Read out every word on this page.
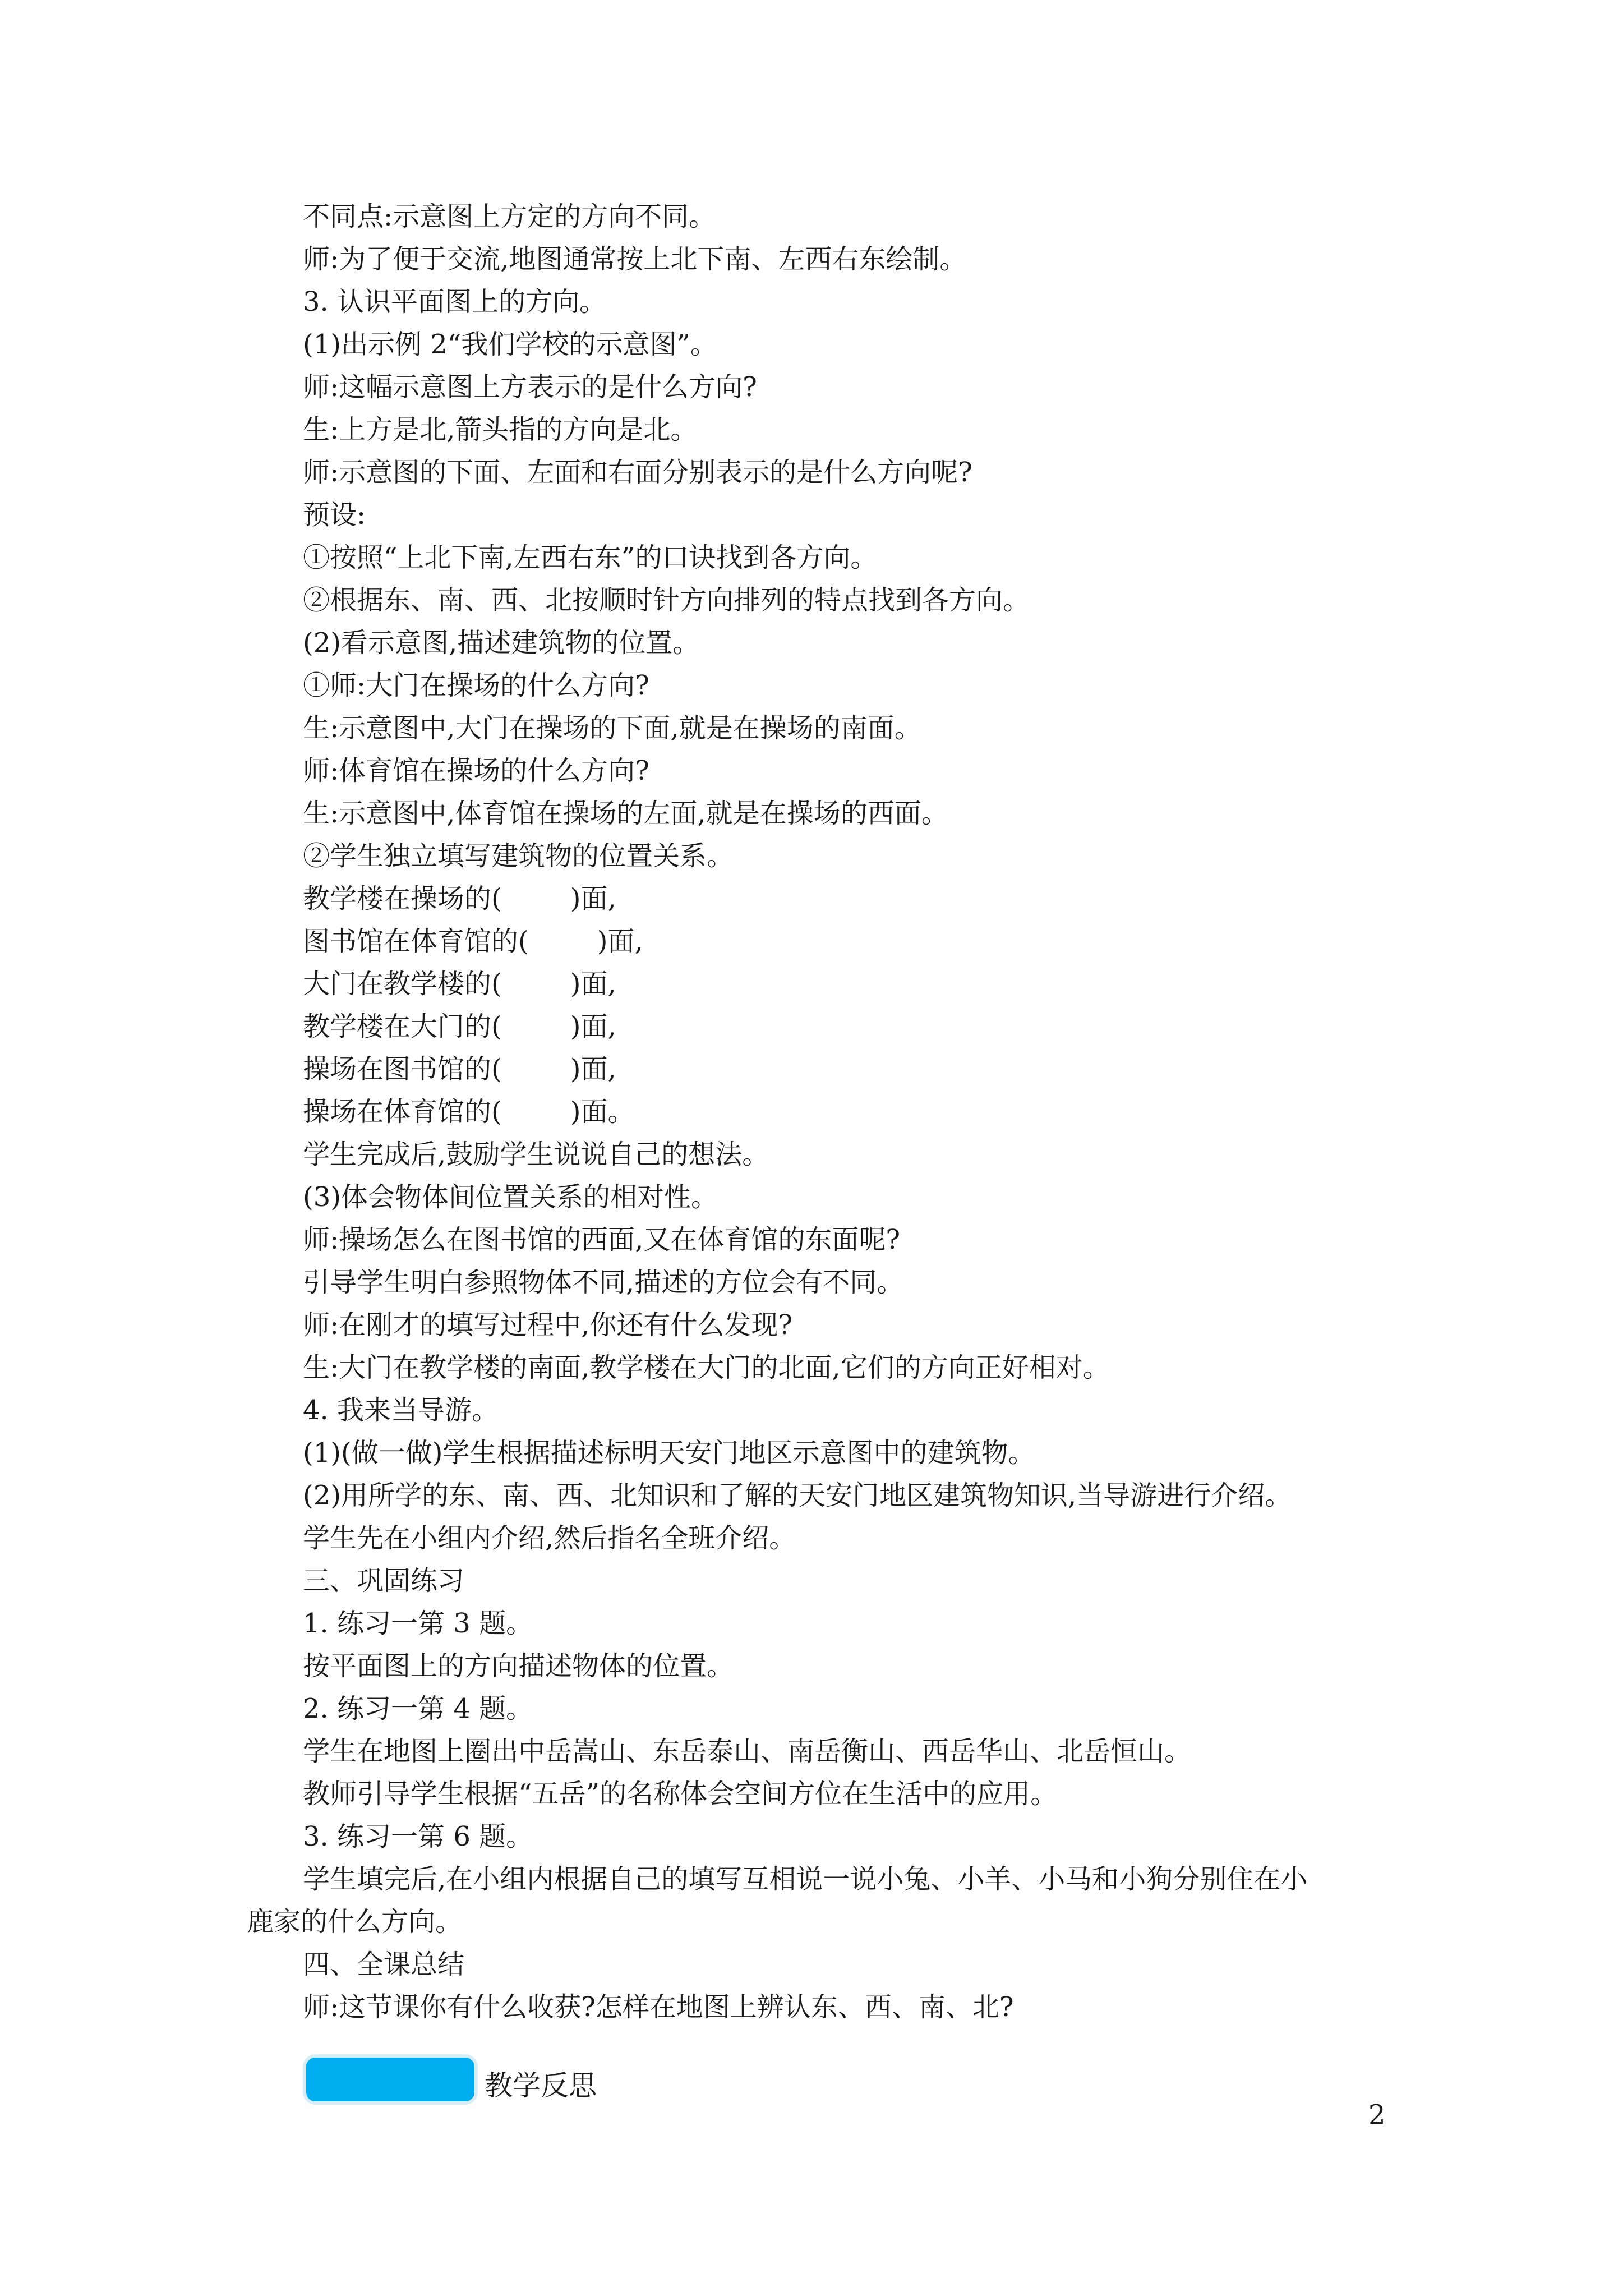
不同点:示意图上方定的方向不同。
师:为了便于交流,地图通常按上北下南、左西右东绘制。
3. 认识平面图上的方向。
(1)出示例 2“我们学校的示意图”。
师:这幅示意图上方表示的是什么方向?
生:上方是北,箭头指的方向是北。
师:示意图的下面、左面和右面分别表示的是什么方向呢?
预设:
①按照“上北下南,左西右东”的口诀找到各方向。
②根据东、南、西、北按顺时针方向排列的特点找到各方向。
(2)看示意图,描述建筑物的位置。
①师:大门在操场的什么方向?
生:示意图中,大门在操场的下面,就是在操场的南面。
师:体育馆在操场的什么方向?
生:示意图中,体育馆在操场的左面,就是在操场的西面。
②学生独立填写建筑物的位置关系。
教学楼在操场的(        )面,
图书馆在体育馆的(        )面,
大门在教学楼的(        )面,
教学楼在大门的(        )面,
操场在图书馆的(        )面,
操场在体育馆的(        )面。
学生完成后,鼓励学生说说自己的想法。
(3)体会物体间位置关系的相对性。
师:操场怎么在图书馆的西面,又在体育馆的东面呢?
引导学生明白参照物体不同,描述的方位会有不同。
师:在刚才的填写过程中,你还有什么发现?
生:大门在教学楼的南面,教学楼在大门的北面,它们的方向正好相对。
4. 我来当导游。
(1)(做一做)学生根据描述标明天安门地区示意图中的建筑物。
(2)用所学的东、南、西、北知识和了解的天安门地区建筑物知识,当导游进行介绍。
学生先在小组内介绍,然后指名全班介绍。
三、巩固练习
1. 练习一第 3 题。
按平面图上的方向描述物体的位置。
2. 练习一第 4 题。
学生在地图上圈出中岳嵩山、东岳泰山、南岳衡山、西岳华山、北岳恒山。
教师引导学生根据“五岳”的名称体会空间方位在生活中的应用。
3. 练习一第 6 题。
学生填完后,在小组内根据自己的填写互相说一说小兔、小羊、小马和小狗分别住在小
鹿家的什么方向。
四、全课总结
师:这节课你有什么收获?怎样在地图上辨认东、西、南、北?
教学反思
2
